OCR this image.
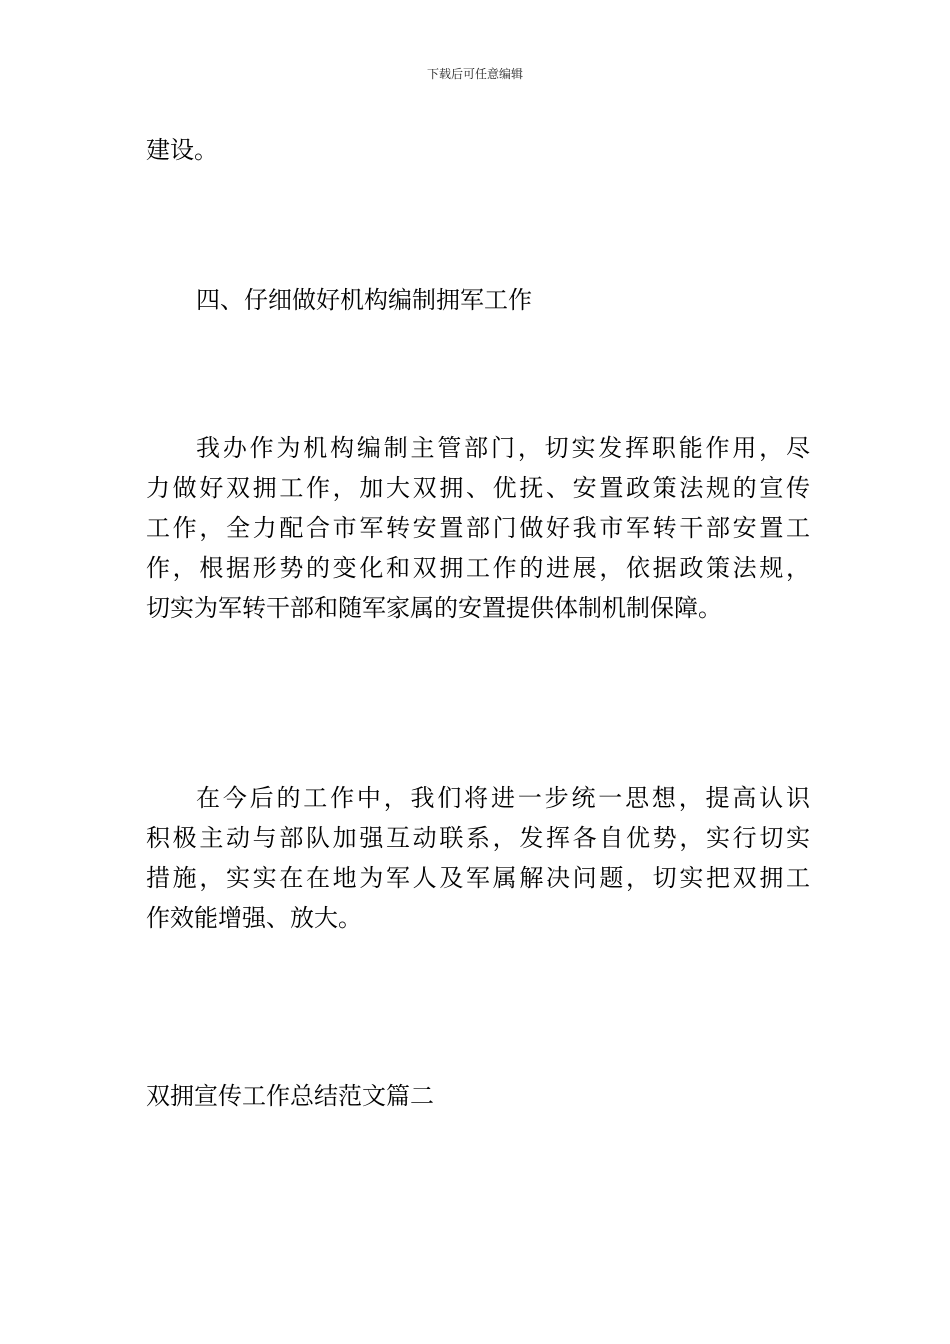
下载后可任意编辑

建设。

四、仔细做好机构编制拥军工作

我办作为机构编制主管部门，切实发挥职能作用，尽
力做好双拥工作，加大双拥、优抚、安置政策法规的宣传
工作，全力配合市军转安置部门做好我市军转干部安置工
作，根据形势的变化和双拥工作的进展，依据政策法规，
切实为军转干部和随军家属的安置提供体制机制保障。

在今后的工作中，我们将进一步统一思想，提高认识
积极主动与部队加强互动联系，发挥各自优势，实行切实
措施，实实在在地为军人及军属解决问题，切实把双拥工
作效能增强、放大。

双拥宣传工作总结范文篇二
